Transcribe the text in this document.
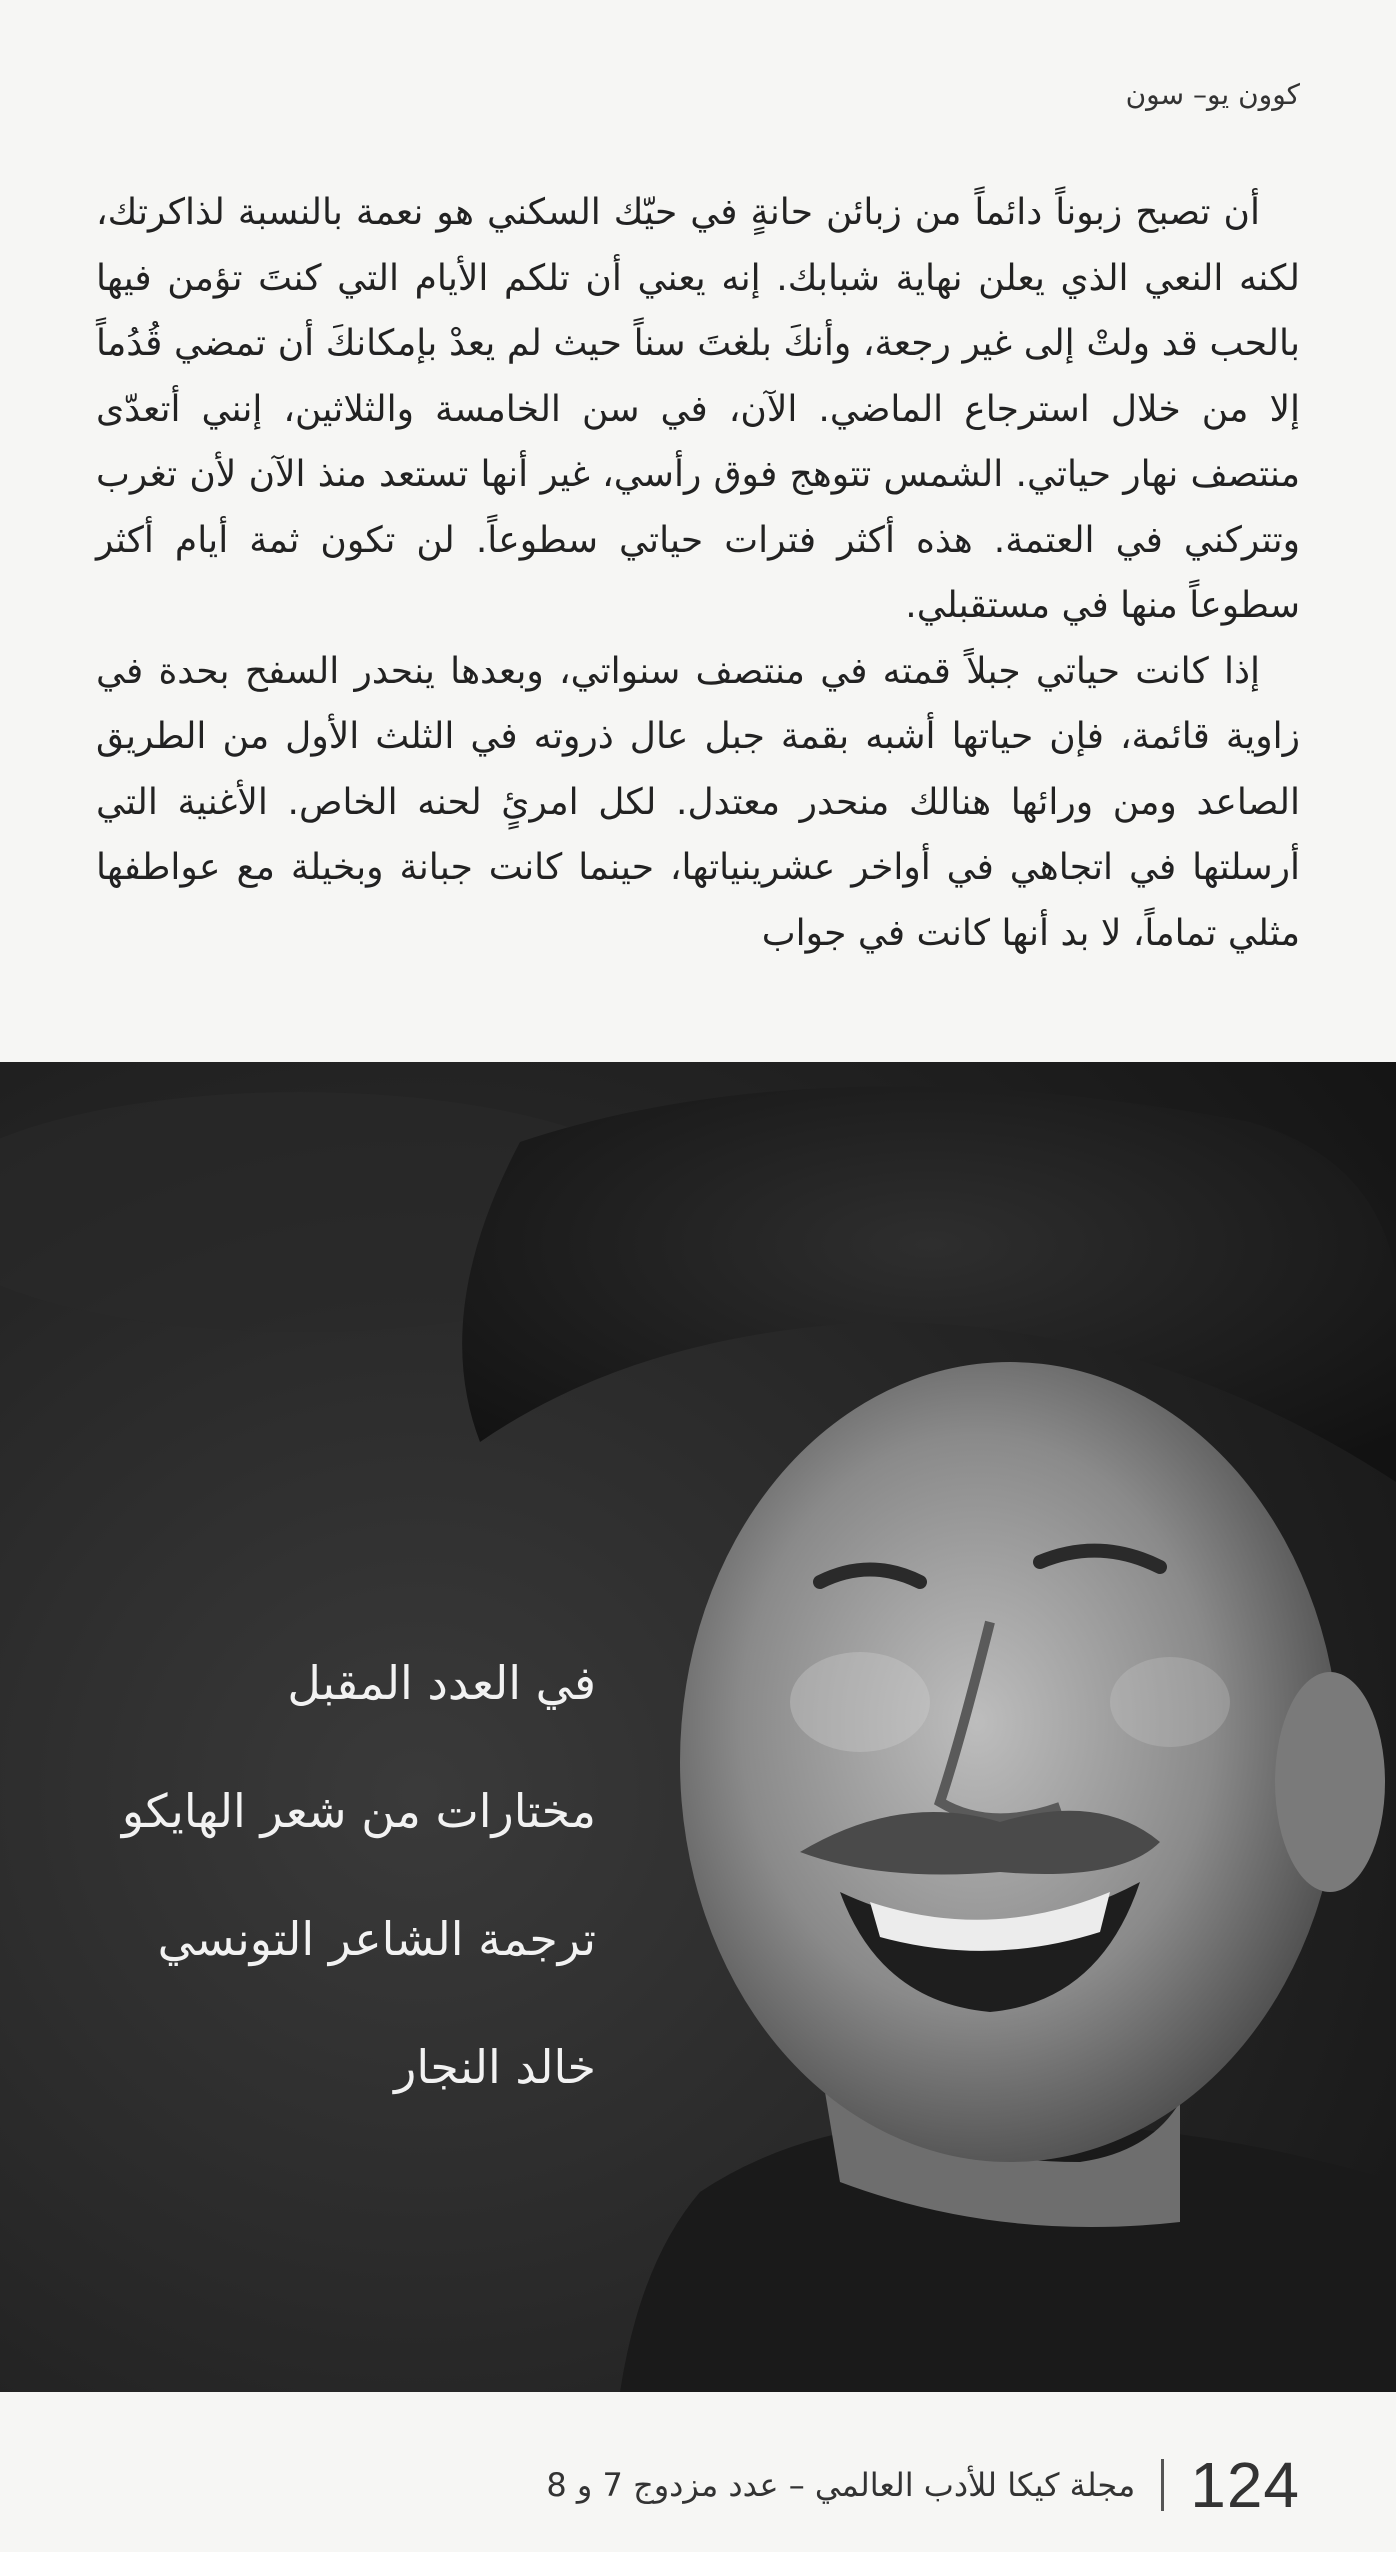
كوون يو– سون

أن تصبح زبوناً دائماً من زبائن حانةٍ في حيّك السكني هو نعمة بالنسبة لذاكرتك، لكنه النعي الذي يعلن نهاية شبابك. إنه يعني أن تلكم الأيام التي كنتَ تؤمن فيها بالحب قد ولتْ إلى غير رجعة، وأنكَ بلغتَ سناً حيث لم يعدْ بإمكانكَ أن تمضي قُدُماً إلا من خلال استرجاع الماضي. الآن، في سن الخامسة والثلاثين، إنني أتعدّى منتصف نهار حياتي. الشمس تتوهج فوق رأسي، غير أنها تستعد منذ الآن لأن تغرب وتتركني في العتمة. هذه أكثر فترات حياتي سطوعاً. لن تكون ثمة أيام أكثر سطوعاً منها في مستقبلي.

إذا كانت حياتي جبلاً قمته في منتصف سنواتي، وبعدها ينحدر السفح بحدة في زاوية قائمة، فإن حياتها أشبه بقمة جبل عال ذروته في الثلث الأول من الطريق الصاعد ومن ورائها هنالك منحدر معتدل. لكل امرئٍ لحنه الخاص. الأغنية التي أرسلتها في اتجاهي في أواخر عشرينياتها، حينما كانت جبانة وبخيلة مع عواطفها مثلي تماماً، لا بد أنها كانت في جواب

في العدد المقبل
مختارات من شعر الهايكو
ترجمة الشاعر التونسي
خالد النجار
مجلة كيكا للأدب العالمي – عدد مزدوج 7 و 8 124
